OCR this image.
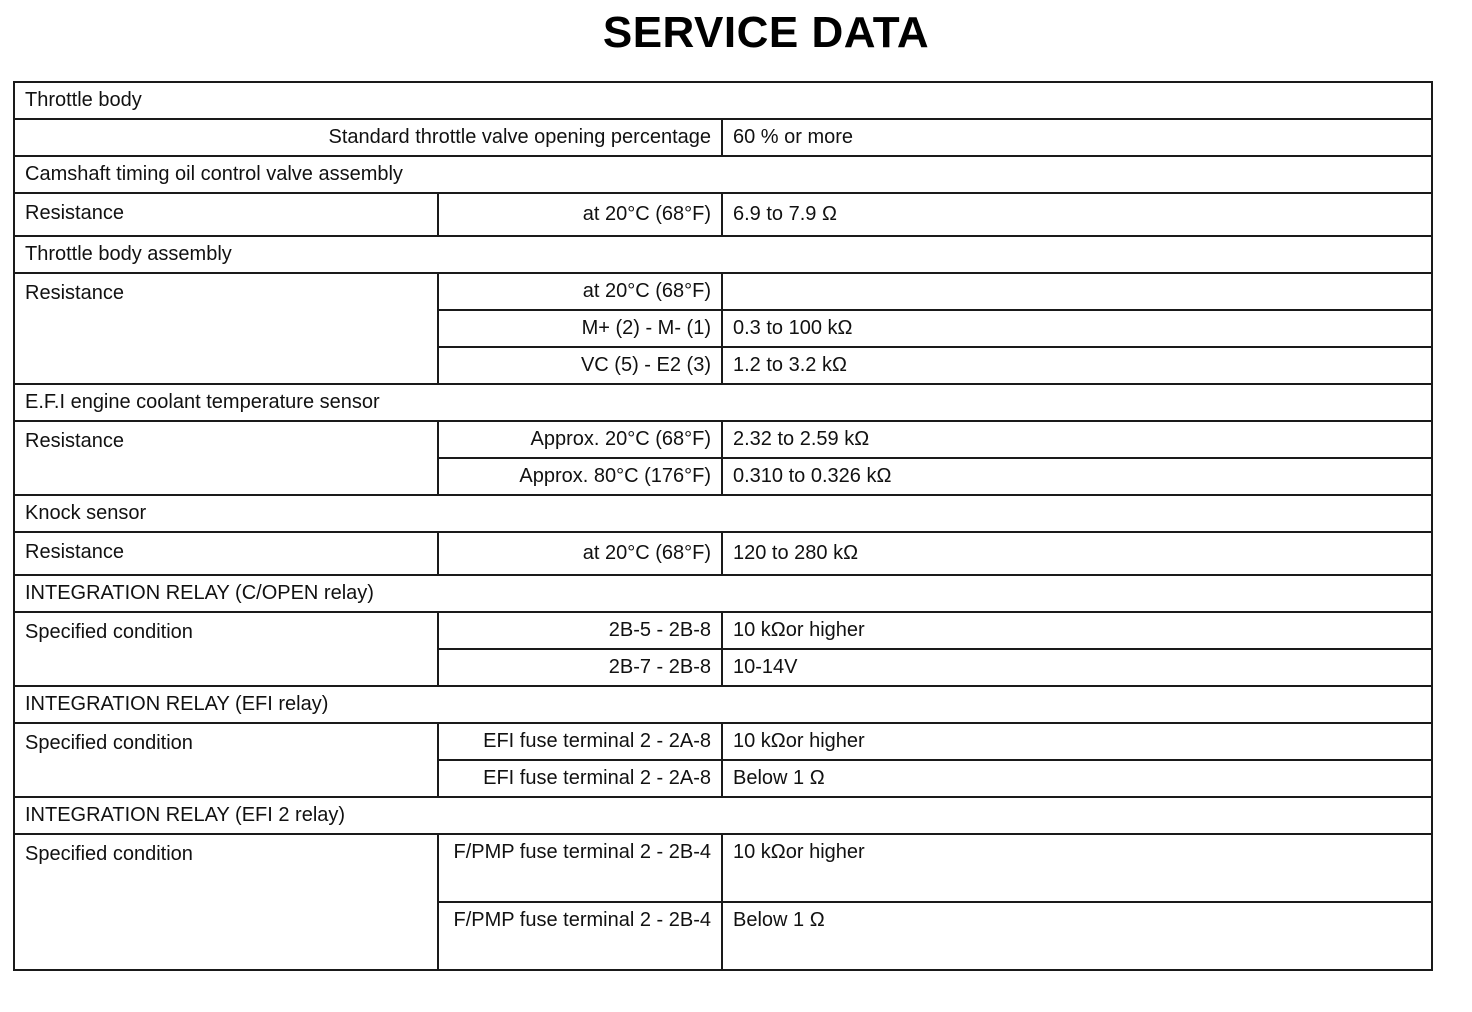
SERVICE DATA
Throttle body		
Standard throttle valve opening percentage		60 % or more
Camshaft timing oil control valve assembly		
Resistance	at 20°C (68°F)	6.9 to 7.9 Ω
Throttle body assembly		
Resistance	at 20°C (68°F)	
	M+ (2) - M- (1)	0.3 to 100 kΩ
	VC (5) - E2 (3)	1.2 to 3.2 kΩ
E.F.I engine coolant temperature sensor		
Resistance	Approx. 20°C (68°F)	2.32 to 2.59 kΩ
	Approx. 80°C (176°F)	0.310 to 0.326 kΩ
Knock sensor		
Resistance	at 20°C (68°F)	120 to 280 kΩ
INTEGRATION RELAY (C/OPEN relay)		
Specified condition	2B-5 - 2B-8	10 kΩor higher
	2B-7 - 2B-8	10-14V
INTEGRATION RELAY (EFI relay)		
Specified condition	EFI fuse terminal 2 - 2A-8	10 kΩor higher
	EFI fuse terminal 2 - 2A-8	Below 1 Ω
INTEGRATION RELAY (EFI 2 relay)		
Specified condition	F/PMP fuse terminal 2 - 2B-4	10 kΩor higher
	F/PMP fuse terminal 2 - 2B-4	Below 1 Ω
